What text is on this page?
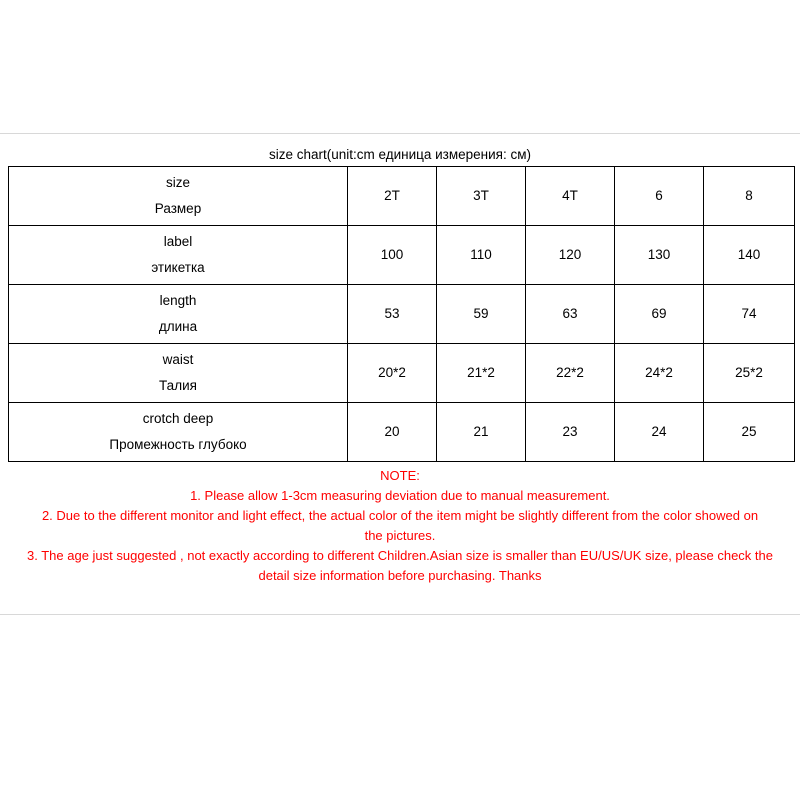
size chart(unit:cm единица измерения: см)
size
Размер	2T	3T	4T	6	8

label
этикетка	100	110	120	130	140

length
длина	53	59	63	69	74

waist
Талия	20*2	21*2	22*2	24*2	25*2

crotch deep
Промежность глубоко	20	21	23	24	25
NOTE:
1. Please allow 1-3cm measuring deviation due to manual measurement.
2. Due to the different monitor and light effect, the actual color of the item might be slightly different from the color showed on
the pictures.
3. The age just suggested , not exactly according to different Children.Asian size is smaller than EU/US/UK size, please check the
detail size information before purchasing. Thanks
